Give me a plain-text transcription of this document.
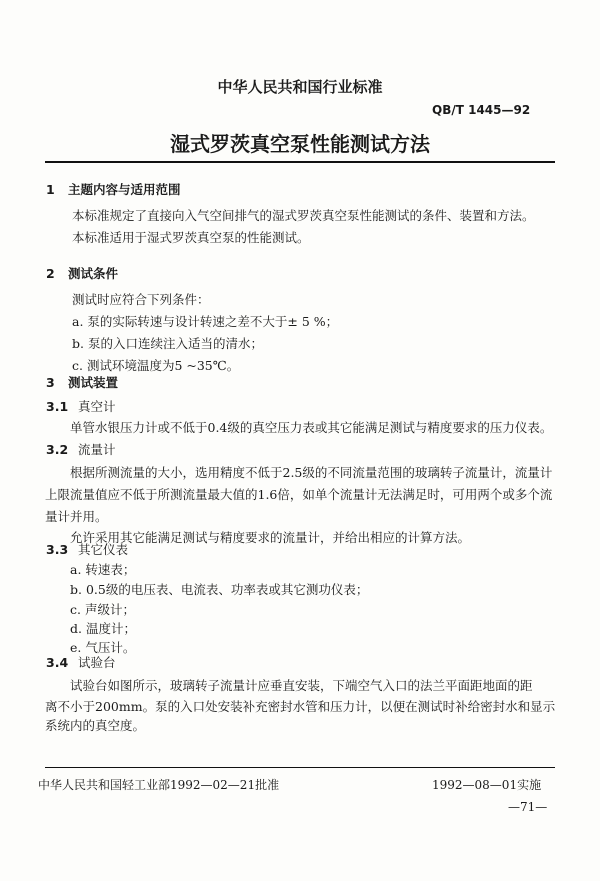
中华人民共和国行业标准
QB/T 1445—92
湿式罗茨真空泵性能测试方法
1 主题内容与适用范围
本标准规定了直接向入气空间排气的湿式罗茨真空泵性能测试的条件、装置和方法。
本标准适用于湿式罗茨真空泵的性能测试。
2 测试条件
测试时应符合下列条件：
a. 泵的实际转速与设计转速之差不大于± 5 %；
b. 泵的入口连续注入适当的清水；
c. 测试环境温度为5 ~35℃。
3 测试装置
3.1 真空计
单管水银压力计或不低于0.4级的真空压力表或其它能满足测试与精度要求的压力仪表。
3.2 流量计
根据所测流量的大小，选用精度不低于2.5级的不同流量范围的玻璃转子流量计，流量计
上限流量值应不低于所测流量最大值的1.6倍，如单个流量计无法满足时，可用两个或多个流
量计并用。
允许采用其它能满足测试与精度要求的流量计，并给出相应的计算方法。
3.3 其它仪表
a. 转速表；
b. 0.5级的电压表、电流表、功率表或其它测功仪表；
c. 声级计；
d. 温度计；
e. 气压计。
3.4 试验台
试验台如图所示，玻璃转子流量计应垂直安装，下端空气入口的法兰平面距地面的距
离不小于200mm。泵的入口处安装补充密封水管和压力计，以便在测试时补给密封水和显示
系统内的真空度。
中华人民共和国轻工业部1992—02—21批准	1992—08—01实施
—71—
